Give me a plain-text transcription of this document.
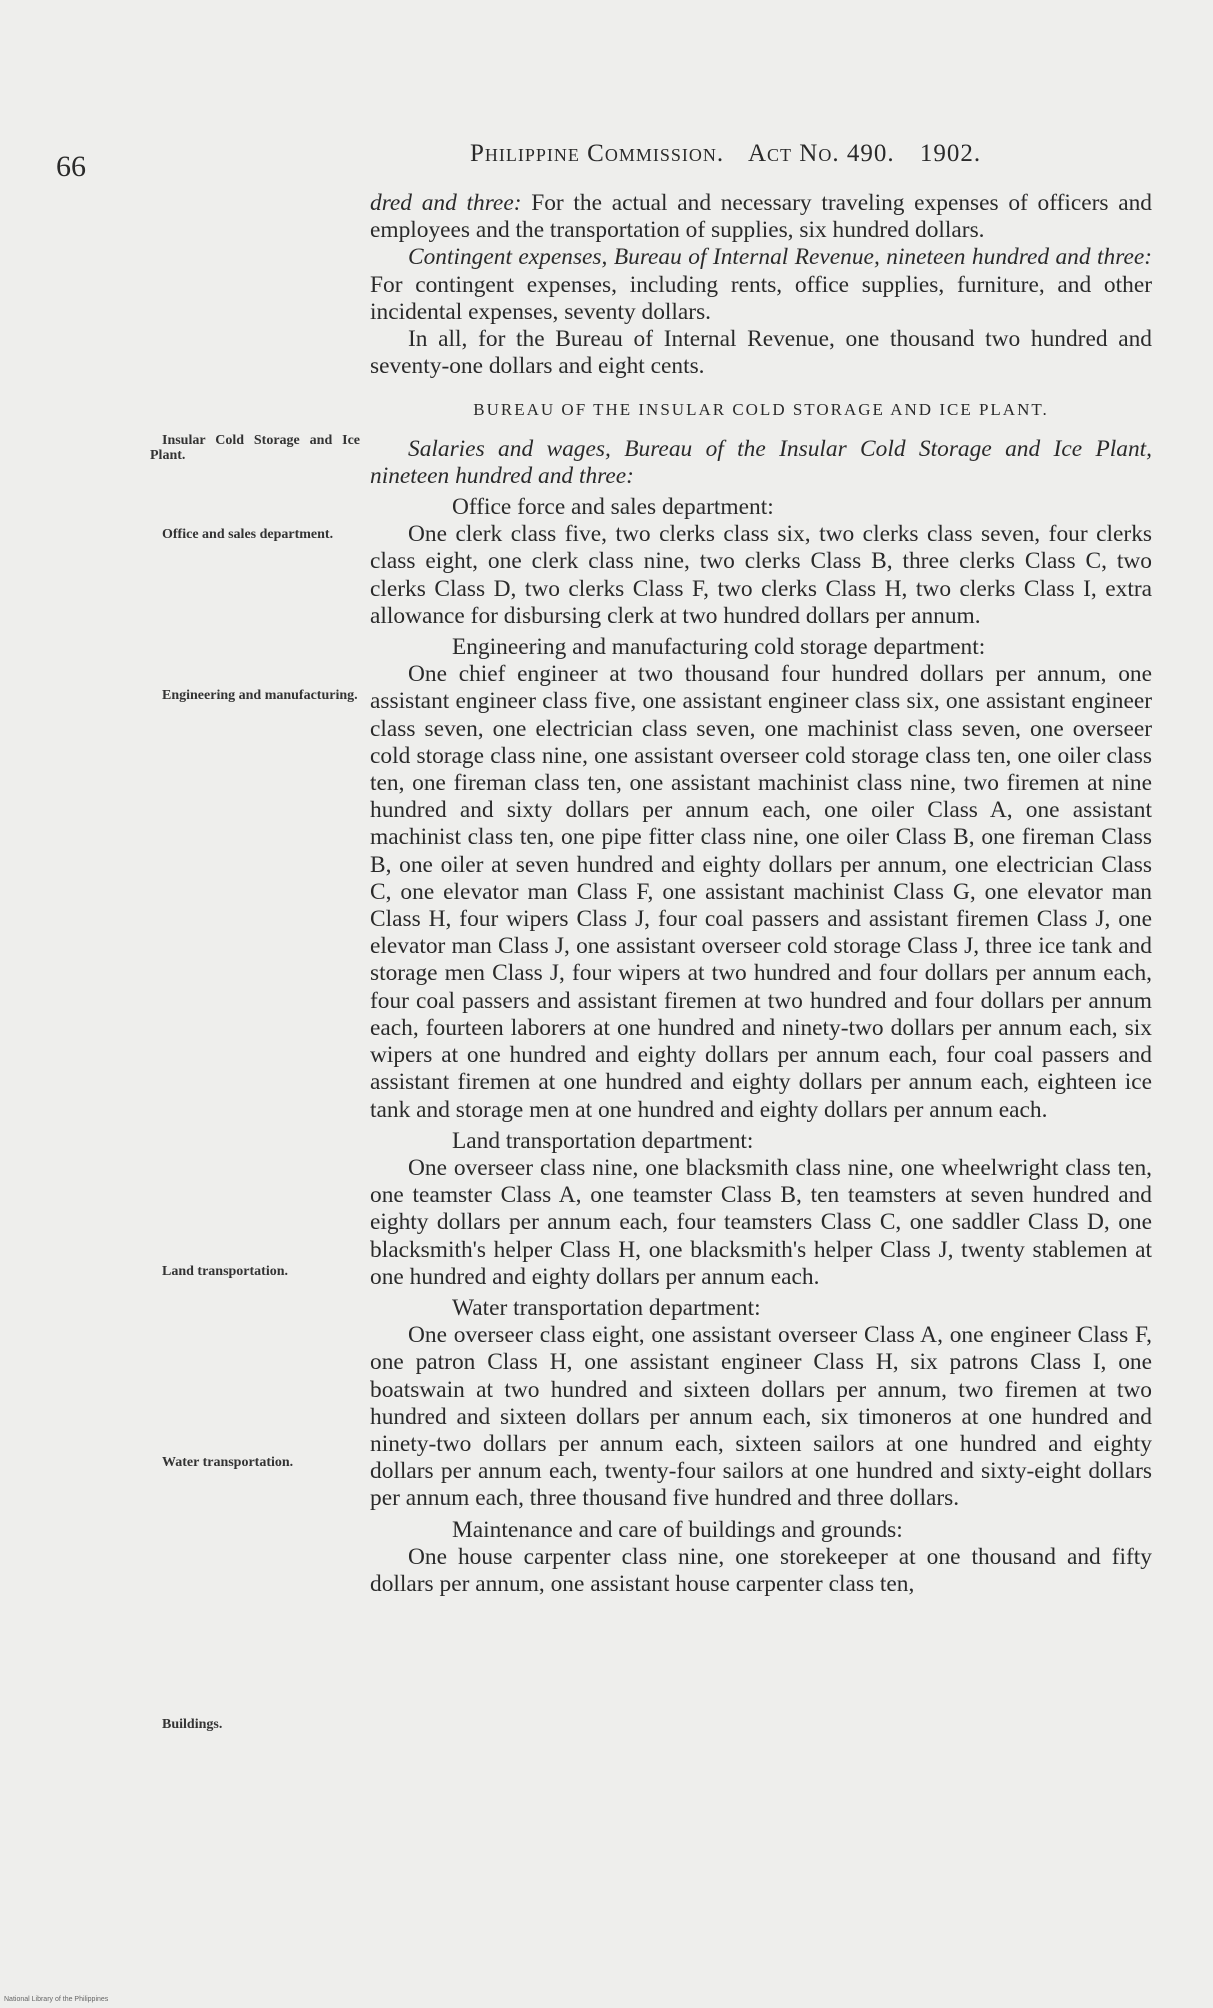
66	Philippine Commission. Act No. 490. 1902.
Insular Cold Storage and Ice Plant.
Office and sales department.
Engineering and manufacturing.
Land transportation.
Water transportation.
Buildings.

dred and three: For the actual and necessary traveling expenses of officers and employees and the transportation of supplies, six hundred dollars.

Contingent expenses, Bureau of Internal Revenue, nineteen hundred and three: For contingent expenses, including rents, office supplies, furniture, and other incidental expenses, seventy dollars.

In all, for the Bureau of Internal Revenue, one thousand two hundred and seventy-one dollars and eight cents.

BUREAU OF THE INSULAR COLD STORAGE AND ICE PLANT.

Salaries and wages, Bureau of the Insular Cold Storage and Ice Plant, nineteen hundred and three:

Office force and sales department:

One clerk class five, two clerks class six, two clerks class seven, four clerks class eight, one clerk class nine, two clerks Class B, three clerks Class C, two clerks Class D, two clerks Class F, two clerks Class H, two clerks Class I, extra allowance for disbursing clerk at two hundred dollars per annum.

Engineering and manufacturing cold storage department:

One chief engineer at two thousand four hundred dollars per annum, one assistant engineer class five, one assistant engineer class six, one assistant engineer class seven, one electrician class seven, one machinist class seven, one overseer cold storage class nine, one assistant overseer cold storage class ten, one oiler class ten, one fireman class ten, one assistant machinist class nine, two firemen at nine hundred and sixty dollars per annum each, one oiler Class A, one assistant machinist class ten, one pipe fitter class nine, one oiler Class B, one fireman Class B, one oiler at seven hundred and eighty dollars per annum, one electrician Class C, one elevator man Class F, one assistant machinist Class G, one elevator man Class H, four wipers Class J, four coal passers and assistant firemen Class J, one elevator man Class J, one assistant overseer cold storage Class J, three ice tank and storage men Class J, four wipers at two hundred and four dollars per annum each, four coal passers and assistant firemen at two hundred and four dollars per annum each, fourteen laborers at one hundred and ninety-two dollars per annum each, six wipers at one hundred and eighty dollars per annum each, four coal passers and assistant firemen at one hundred and eighty dollars per annum each, eighteen ice tank and storage men at one hundred and eighty dollars per annum each.

Land transportation department:

One overseer class nine, one blacksmith class nine, one wheelwright class ten, one teamster Class A, one teamster Class B, ten teamsters at seven hundred and eighty dollars per annum each, four teamsters Class C, one saddler Class D, one blacksmith's helper Class H, one blacksmith's helper Class J, twenty stablemen at one hundred and eighty dollars per annum each.

Water transportation department:

One overseer class eight, one assistant overseer Class A, one engineer Class F, one patron Class H, one assistant engineer Class H, six patrons Class I, one boatswain at two hundred and sixteen dollars per annum, two firemen at two hundred and sixteen dollars per annum each, six timoneros at one hundred and ninety-two dollars per annum each, sixteen sailors at one hundred and eighty dollars per annum each, twenty-four sailors at one hundred and sixty-eight dollars per annum each, three thousand five hundred and three dollars.

Maintenance and care of buildings and grounds:

One house carpenter class nine, one storekeeper at one thousand and fifty dollars per annum, one assistant house carpenter class ten,

National Library of the Philippines
